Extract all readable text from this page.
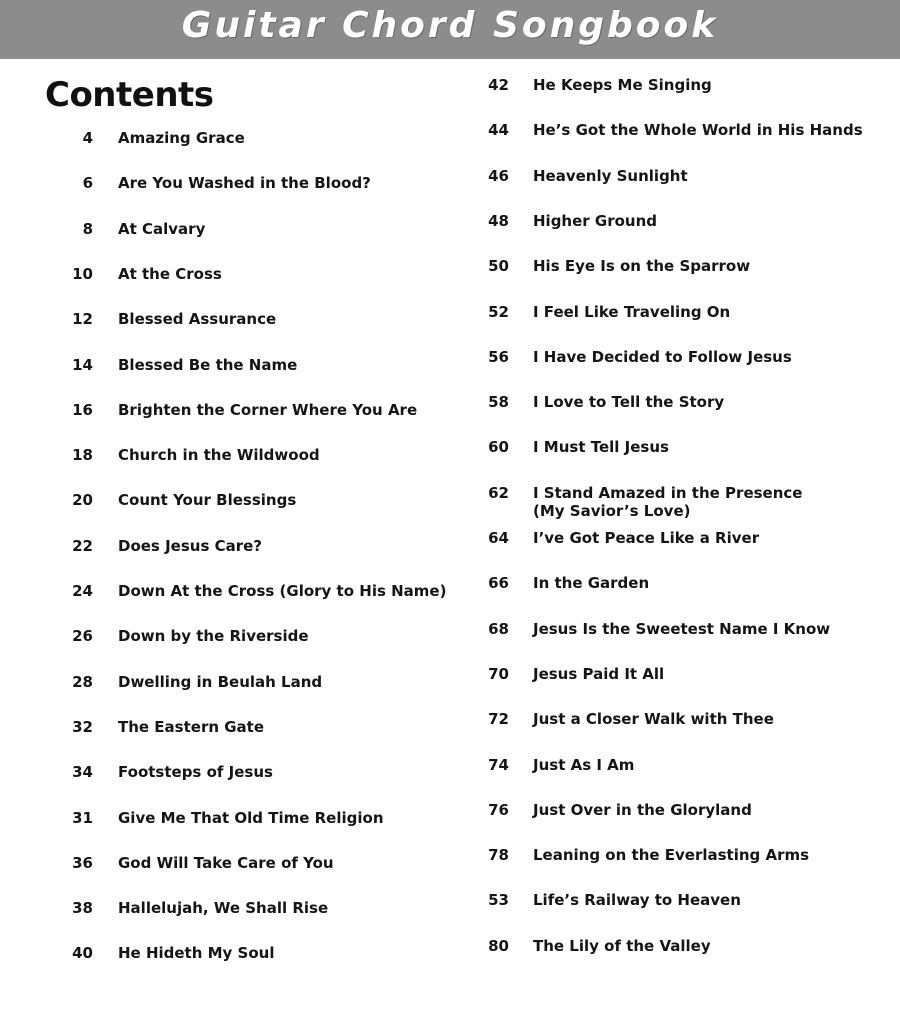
Guitar Chord Songbook
Contents
4 Amazing Grace
6 Are You Washed in the Blood?
8 At Calvary
10 At the Cross
12 Blessed Assurance
14 Blessed Be the Name
16 Brighten the Corner Where You Are
18 Church in the Wildwood
20 Count Your Blessings
22 Does Jesus Care?
24 Down At the Cross (Glory to His Name)
26 Down by the Riverside
28 Dwelling in Beulah Land
32 The Eastern Gate
34 Footsteps of Jesus
31 Give Me That Old Time Religion
36 God Will Take Care of You
38 Hallelujah, We Shall Rise
40 He Hideth My Soul
42 He Keeps Me Singing
44 He’s Got the Whole World in His Hands
46 Heavenly Sunlight
48 Higher Ground
50 His Eye Is on the Sparrow
52 I Feel Like Traveling On
56 I Have Decided to Follow Jesus
58 I Love to Tell the Story
60 I Must Tell Jesus
62 I Stand Amazed in the Presence
(My Savior’s Love)
64 I’ve Got Peace Like a River
66 In the Garden
68 Jesus Is the Sweetest Name I Know
70 Jesus Paid It All
72 Just a Closer Walk with Thee
74 Just As I Am
76 Just Over in the Gloryland
78 Leaning on the Everlasting Arms
53 Life’s Railway to Heaven
80 The Lily of the Valley
